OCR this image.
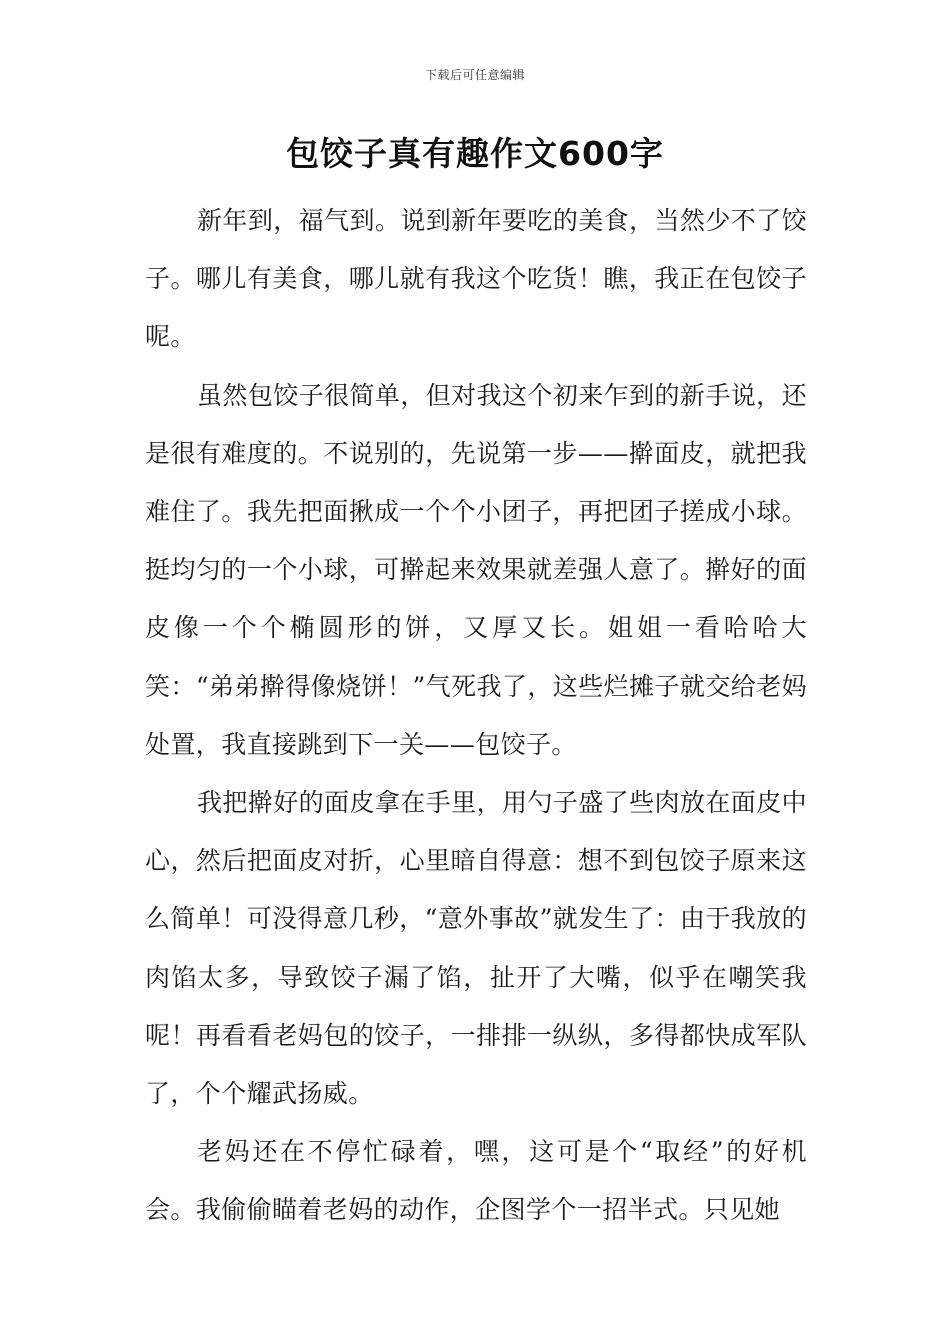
下载后可任意编辑
包饺子真有趣作文600字

新年到，福气到。说到新年要吃的美食，当然少不了饺子。哪儿有美食，哪儿就有我这个吃货！瞧，我正在包饺子呢。

虽然包饺子很简单，但对我这个初来乍到的新手说，还是很有难度的。不说别的，先说第一步——擀面皮，就把我难住了。我先把面揪成一个个小团子，再把团子搓成小球。挺均匀的一个小球，可擀起来效果就差强人意了。擀好的面皮像一个个椭圆形的饼，又厚又长。姐姐一看哈哈大笑：“弟弟擀得像烧饼！”气死我了，这些烂摊子就交给老妈处置，我直接跳到下一关——包饺子。

我把擀好的面皮拿在手里，用勺子盛了些肉放在面皮中心，然后把面皮对折，心里暗自得意：想不到包饺子原来这么简单！可没得意几秒，“意外事故”就发生了：由于我放的肉馅太多，导致饺子漏了馅，扯开了大嘴，似乎在嘲笑我呢！再看看老妈包的饺子，一排排一纵纵，多得都快成军队了，个个耀武扬威。

老妈还在不停忙碌着，嘿，这可是个“取经”的好机会。我偷偷瞄着老妈的动作，企图学个一招半式。只见她
